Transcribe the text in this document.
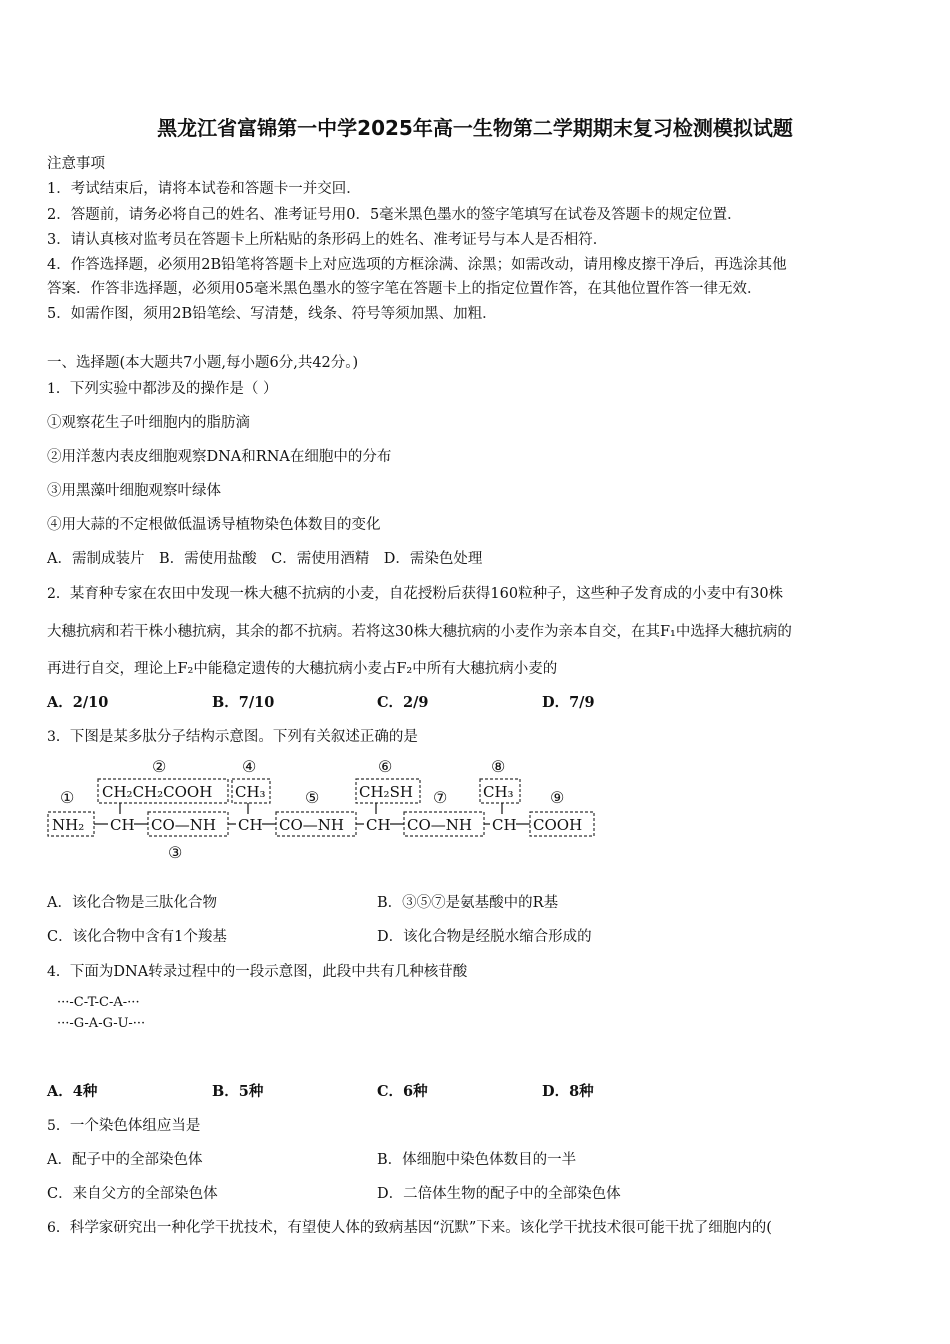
黑龙江省富锦第一中学2025年高一生物第二学期期末复习检测模拟试题
注意事项
1．考试结束后，请将本试卷和答题卡一并交回．
2．答题前，请务必将自己的姓名、准考证号用0．5毫米黑色墨水的签字笔填写在试卷及答题卡的规定位置．
3．请认真核对监考员在答题卡上所粘贴的条形码上的姓名、准考证号与本人是否相符．
4．作答选择题，必须用2B铅笔将答题卡上对应选项的方框涂满、涂黑；如需改动，请用橡皮擦干净后，再选涂其他
答案．作答非选择题，必须用05毫米黑色墨水的签字笔在答题卡上的指定位置作答，在其他位置作答一律无效．
5．如需作图，须用2B铅笔绘、写清楚，线条、符号等须加黑、加粗．
一、选择题(本大题共7小题,每小题6分,共42分。)
1．下列实验中都涉及的操作是（ ）
①观察花生子叶细胞内的脂肪滴
②用洋葱内表皮细胞观察DNA和RNA在细胞中的分布
③用黑藻叶细胞观察叶绿体
④用大蒜的不定根做低温诱导植物染色体数目的变化
A．需制成装片　B．需使用盐酸　C．需使用酒精　D．需染色处理
2．某育种专家在农田中发现一株大穗不抗病的小麦，自花授粉后获得160粒种子，这些种子发育成的小麦中有30株
大穗抗病和若干株小穗抗病，其余的都不抗病。若将这30株大穗抗病的小麦作为亲本自交，在其F₁中选择大穗抗病的
再进行自交，理论上F₂中能稳定遗传的大穗抗病小麦占F₂中所有大穗抗病小麦的
A．2/10	B．7/10	C．2/9	D．7/9
3．下图是某多肽分子结构示意图。下列有关叙述正确的是
①
②
③
④
⑤
⑥
⑦
⑧
⑨
NH₂
CH₂CH₂COOH
CO—NH
CH₃
CO—NH
CH₂SH
CO—NH
CH₃
COOH
CH	CH	CH	CH
A．该化合物是三肽化合物	B．③⑤⑦是氨基酸中的R基
C．该化合物中含有1个羧基	D．该化合物是经脱水缩合形成的
4．下面为DNA转录过程中的一段示意图，此段中共有几种核苷酸
···-C-T-C-A-···
···-G-A-G-U-···
A．4种	B．5种	C．6种	D．8种
5．一个染色体组应当是
A．配子中的全部染色体	B．体细胞中染色体数目的一半
C．来自父方的全部染色体	D．二倍体生物的配子中的全部染色体
6．科学家研究出一种化学干扰技术，有望使人体的致病基因“沉默”下来。该化学干扰技术很可能干扰了细胞内的(
